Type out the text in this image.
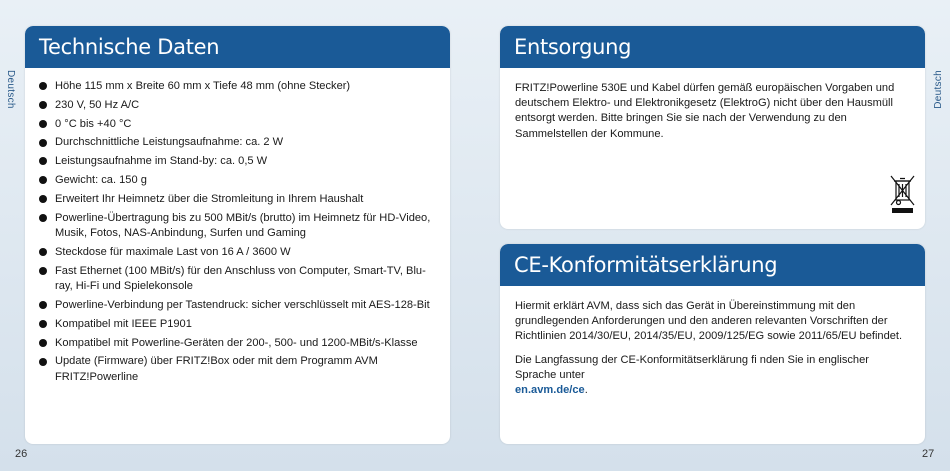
Deutsch	Deutsch
26	27
Technische Daten
Höhe 115 mm x Breite 60 mm x Tiefe 48 mm (ohne Stecker)
230 V, 50 Hz A/C
0 °C bis +40 °C
Durchschnittliche Leistungsaufnahme: ca. 2 W
Leistungsaufnahme im Stand-by: ca. 0,5 W
Gewicht: ca. 150 g
Erweitert Ihr Heimnetz über die Stromleitung in Ihrem Haushalt
Powerline-Übertragung bis zu 500 MBit/s (brutto) im Heimnetz für HD-Video, Musik, Fotos, NAS-Anbindung, Surfen und Gaming
Steckdose für maximale Last von 16 A / 3600 W
Fast Ethernet (100 MBit/s) für den Anschluss von Computer, Smart-TV, Blu-ray, Hi-Fi und Spielekonsole
Powerline-Verbindung per Tastendruck: sicher verschlüsselt mit AES-128-Bit
Kompatibel mit IEEE P1901
Kompatibel mit Powerline-Geräten der 200-, 500- und 1200-MBit/s-Klasse
Update (Firmware) über FRITZ!Box oder mit dem Programm AVM FRITZ!Powerline
Entsorgung

FRITZ!Powerline 530E und Kabel dürfen gemäß europäischen Vorgaben und deutschem Elektro- und Elektronikgesetz (ElektroG) nicht über den Hausmüll entsorgt werden. Bitte bringen Sie sie nach der Verwendung zu den Sammelstellen der Kommune.

CE-Konformitätserklärung

Hiermit erklärt AVM, dass sich das Gerät in Übereinstimmung mit den grundlegenden Anforderungen und den anderen relevanten Vorschriften der Richtlinien 2014/30/EU, 2014/35/EU, 2009/125/EG sowie 2011/65/EU befindet.

Die Langfassung der CE-Konformitätserklärung fi nden Sie in englischer Sprache unter
en.avm.de/ce.
